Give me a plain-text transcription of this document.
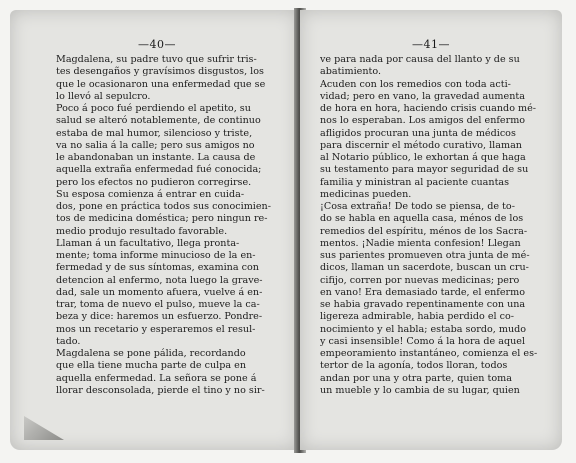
—40—
Magdalena, su padre tuvo que sufrir tris-
tes desengaños y gravísimos disgustos, los
que le ocasionaron una enfermedad que se
lo llevó al sepulcro.
Poco á poco fué perdiendo el apetito, su
salud se alteró notablemente, de continuo
estaba de mal humor, silencioso y triste,
va no salia á la calle; pero sus amigos no
le abandonaban un instante. La causa de
aquella extraña enfermedad fué conocida;
pero los efectos no pudieron corregirse.
Su esposa comienza á entrar en cuida-
dos, pone en práctica todos sus conocimien-
tos de medicina doméstica; pero ningun re-
medio produjo resultado favorable.
Llaman á un facultativo, llega pronta-
mente; toma informe minucioso de la en-
fermedad y de sus síntomas, examina con
detencion al enfermo, nota luego la grave-
dad, sale un momento afuera, vuelve á en-
trar, toma de nuevo el pulso, mueve la ca-
beza y dice: haremos un esfuerzo. Pondre-
mos un recetario y esperaremos el resul-
tado.
Magdalena se pone pálida, recordando
que ella tiene mucha parte de culpa en
aquella enfermedad. La señora se pone á
llorar desconsolada, pierde el tino y no sir-
—41—
ve para nada por causa del llanto y de su
abatimiento.
Acuden con los remedios con toda acti-
vidad; pero en vano, la gravedad aumenta
de hora en hora, haciendo crisis cuando mé-
nos lo esperaban. Los amigos del enfermo
afligidos procuran una junta de médicos
para discernir el método curativo, llaman
al Notario público, le exhortan á que haga
su testamento para mayor seguridad de su
familia y ministran al paciente cuantas
medicinas pueden.
¡Cosa extraña! De todo se piensa, de to-
do se habla en aquella casa, ménos de los
remedios del espíritu, ménos de los Sacra-
mentos. ¡Nadie mienta confesion! Llegan
sus parientes promueven otra junta de mé-
dicos, llaman un sacerdote, buscan un cru-
cifijo, corren por nuevas medicinas; pero
en vano! Era demasiado tarde, el enfermo
se habia gravado repentinamente con una
ligereza admirable, habia perdido el co-
nocimiento y el habla; estaba sordo, mudo
y casi insensible! Como á la hora de aquel
empeoramiento instantáneo, comienza el es-
tertor de la agonía, todos lloran, todos
andan por una y otra parte, quien toma
un mueble y lo cambia de su lugar, quien
